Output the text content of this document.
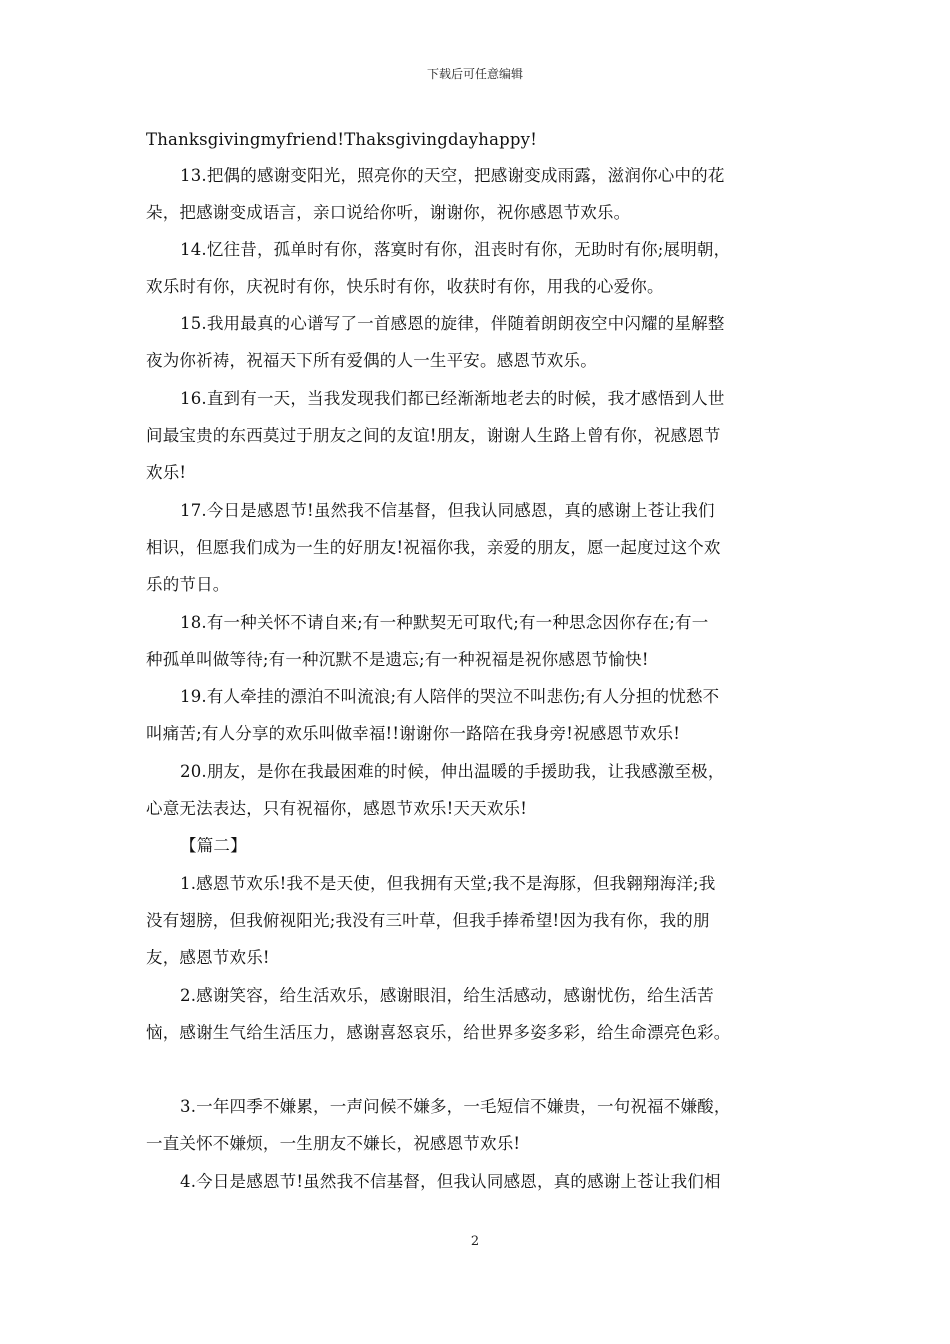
下载后可任意编辑
Thanksgivingmyfriend!Thaksgivingdayhappy!
13.把偶的感谢变阳光，照亮你的天空，把感谢变成雨露，滋润你心中的花
朵，把感谢变成语言，亲口说给你听，谢谢你，祝你感恩节欢乐。
14.忆往昔，孤单时有你，落寞时有你，沮丧时有你，无助时有你;展明朝，
欢乐时有你，庆祝时有你，快乐时有你，收获时有你，用我的心爱你。
15.我用最真的心谱写了一首感恩的旋律，伴随着朗朗夜空中闪耀的星解整
夜为你祈祷，祝福天下所有爱偶的人一生平安。感恩节欢乐。
16.直到有一天，当我发现我们都已经渐渐地老去的时候，我才感悟到人世
间最宝贵的东西莫过于朋友之间的友谊!朋友，谢谢人生路上曾有你，祝感恩节
欢乐!
17.今日是感恩节!虽然我不信基督，但我认同感恩，真的感谢上苍让我们
相识，但愿我们成为一生的好朋友!祝福你我，亲爱的朋友，愿一起度过这个欢
乐的节日。
18.有一种关怀不请自来;有一种默契无可取代;有一种思念因你存在;有一
种孤单叫做等待;有一种沉默不是遗忘;有一种祝福是祝你感恩节愉快!
19.有人牵挂的漂泊不叫流浪;有人陪伴的哭泣不叫悲伤;有人分担的忧愁不
叫痛苦;有人分享的欢乐叫做幸福!!谢谢你一路陪在我身旁!祝感恩节欢乐!
20.朋友，是你在我最困难的时候，伸出温暖的手援助我，让我感激至极，
心意无法表达，只有祝福你，感恩节欢乐!天天欢乐!
【篇二】
1.感恩节欢乐!我不是天使，但我拥有天堂;我不是海豚，但我翱翔海洋;我
没有翅膀，但我俯视阳光;我没有三叶草，但我手捧希望!因为我有你，我的朋
友，感恩节欢乐!
2.感谢笑容，给生活欢乐，感谢眼泪，给生活感动，感谢忧伤，给生活苦
恼，感谢生气给生活压力，感谢喜怒哀乐，给世界多姿多彩，给生命漂亮色彩。
3.一年四季不嫌累，一声问候不嫌多，一毛短信不嫌贵，一句祝福不嫌酸，
一直关怀不嫌烦，一生朋友不嫌长，祝感恩节欢乐!
4.今日是感恩节!虽然我不信基督，但我认同感恩，真的感谢上苍让我们相
2
